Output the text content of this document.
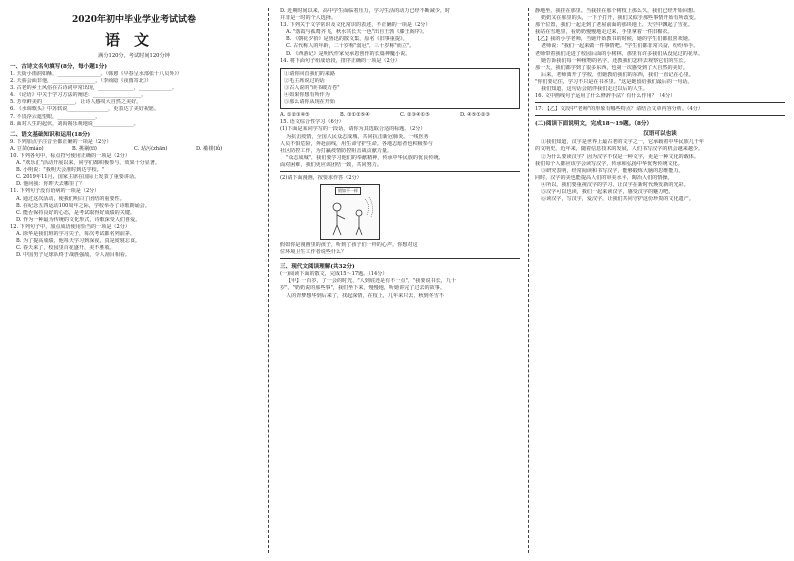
2020年初中毕业学业考试试卷
语文
满分120分，考试时间120分钟
一、古诗文名句填写(8分，每小题1分)
1. 天街小雨润如酥，_________________。（韩愈《早春呈水部张十八员外》）
2. 天骄会面非他，_________________。（李商隐《夜雨寄北》）
3. 古老的乡土风俗在古诗词中常出现，______________，_____________。
4. 《论语》中关于学习方法的阐述：___________________。
5. 芳草鲜美的_____________，让诗人感叹大自然之美好。
6. 《水调歌头》中苏轼说________________，更表达了美好祝愿。
7. 不畏浮云遮望眼，_______________。
8. 面对人生的起伏，刘禹锡乐观地说________________。
二、语文基础知识和运用(18分)
9. 下列加点字注音全都正确的一项是（2分）
A. 豆苗(miáo)	B. 挑剔(tī)	C. 玷污(zhān)	D. 褴褛(lǚ)
10. 下列各句中，标点符号使用正确的一项是（2分）
A. "欢乐汇"活动开展以来，同学们都积极参与，效果十分显著。
B. 小明说："我明天会准时到达学校。"
C. 2019年11月，国家主席在国际上发表了重要讲话。
D. 他问我：你昨天去哪里了？
11. 下列句子没有语病的一项是（2分）
A. 通过这次活动，使我们明白了团结的重要性。
B. 在纪念五四运动100周年之际，学校举办了诗歌朗诵会。
C. 能否保持良好的心态，是考试取得好成绩的关键。
D. 作为一种最为传统的文化形式，诗歌深受人们喜爱。
12. 下列句子中，加点成语使用恰当的一项是（2分）
A. 徐华是我们班的学习尖子，每次考试都名列前茅。
B. 为了提高成绩，他每天学习到深夜，真是废寝忘食。
C. 春天来了，校园里百花盛开，美不胜收。
D. 中国男子足球队终于战胜强敌，令人刮目相看。
D. 近期时间以来，高中学生面临着压力，学习生活的动力已经不断减少，时
并非是一时的个人选择。
13. 下列关于文学常识及文化常识的表述，不正确的一项是（2分）
A. "落霞与孤鹜齐飞，秋水共长天一色"出自王勃《滕王阁序》。
B. 《朝花夕拾》是鲁迅的散文集，原名《旧事重提》。
C. 古代称人的年龄，二十岁称"弱冠"，三十岁称"而立"。
D. 《西游记》是明代作家吴承恩创作的长篇神魔小说。
14. 将下面句子组成语段，排序正确的一项是（2分）
①请你回首我们的来路
②毛主席说过的话
③古人说的"读书破万卷"
④如果你想有所作为
⑤那么请你从现在开始
A. ①②③④⑤	B. ③①②⑤④	C. ②③④①⑤	D. ④⑤①②③
15. 语文综合性学习（6分）
(1)下面是某同学写的一段话，请你为其选取合适的标题。（2分）
为抗击疫情，全国人民众志成城，共同抗击新冠肺炎。一线医务
人员不惧危险，奔赴前线，用生命守护生命。各地志愿者也积极参与
社区防控工作，为打赢疫情防控阻击战贡献力量。
"众志成城"，我们要学习他们的奉献精神，传承中华民族的优良传统。
面对困难，我们更应该团结一致，共同努力。
(2)请下面漫画，按要求作答（2分）
假如不一样
假如你是漫画里的孩子，听到了孩子们一样的心声，你想对这
位环境卫生工作者说些什么？
三、现代文阅读理解(共32分)
(一)阅读下面的散文，完成15～17题。（14分）
【甲】一百岁，了一会的时光，"人到底还是有不一点"，"我要说书长，九十
岁"，"奶奶说的那些事"，我们坐下来，慢慢地，听她讲完了过去的故事。
人的青梦想华到后来了，找起深情，在枝上，几年来只去，秋到冬雪不
静地坐，我挂在那里。当我挂在那个树枝上那么久，我们已经开始回想。
奶奶又在那里的头，一下子打开，我们又似乎那些事情开始有所改变。
那个位置，我们一起走到了老屋前面的那块地上，天空中飘起了雪花。
我站在雪地里，看奶奶慢慢地走过来，手里拿着一件旧棉衣。
【乙】我的小学老师，当她开始教书的时候，她的学生们都很喜欢她。
老师说："我们一起来做一件事情吧。"学生们都非常兴奋，纷纷举手。
老师带着我们走进了校园后面的小树林，那里有许多我们从没见过的花草。
她告诉我们每一种植物的名字，还教我们怎样去观察它们的生长。
那一天，我们都学到了很多东西，也第一次感受到了大自然的美好。
后来，老师离开了学校，但她教给我们的东西，我们一直记在心里。
"你们要记住，学习不只是在书本里。"这是她留给我们最后的一句话。
我们知道，这句话会陪伴我们走过以后的人生。
16. 文中画线句子运用了什么修辞手法？有什么作用？（4分）
17. 【乙】文段中"老师"的形象有哪些特点？请结合文章内容分析。（4分）
(二)阅读下面说明文，完成18～19题。（8分）
汉语可以也读
①我们知道，汉字是世界上最古老的文字之一，它承载着中华民族几千年
的文明史。近年来，随着信息技术的发展，人们书写汉字的机会越来越少。
②为什么要读汉字？因为汉字不仅是一种文字，更是一种文化的载体。
我们每个人都应该学会读写汉字，传承和弘扬中华优秀传统文化。
③研究表明，经常阅读和书写汉字，能够锻炼大脑的思维能力。
同时，汉字的美也能提高人们的审美水平，陶冶人们的情操。
④所以，我们要重视汉字的学习，让汉字在新时代焕发新的光彩。
⑤汉字可以也读，我们一起来读汉字，感受汉字的魅力吧。
⑥读汉字，写汉字，爱汉字，让我们共同守护这份珍贵的文化遗产。
